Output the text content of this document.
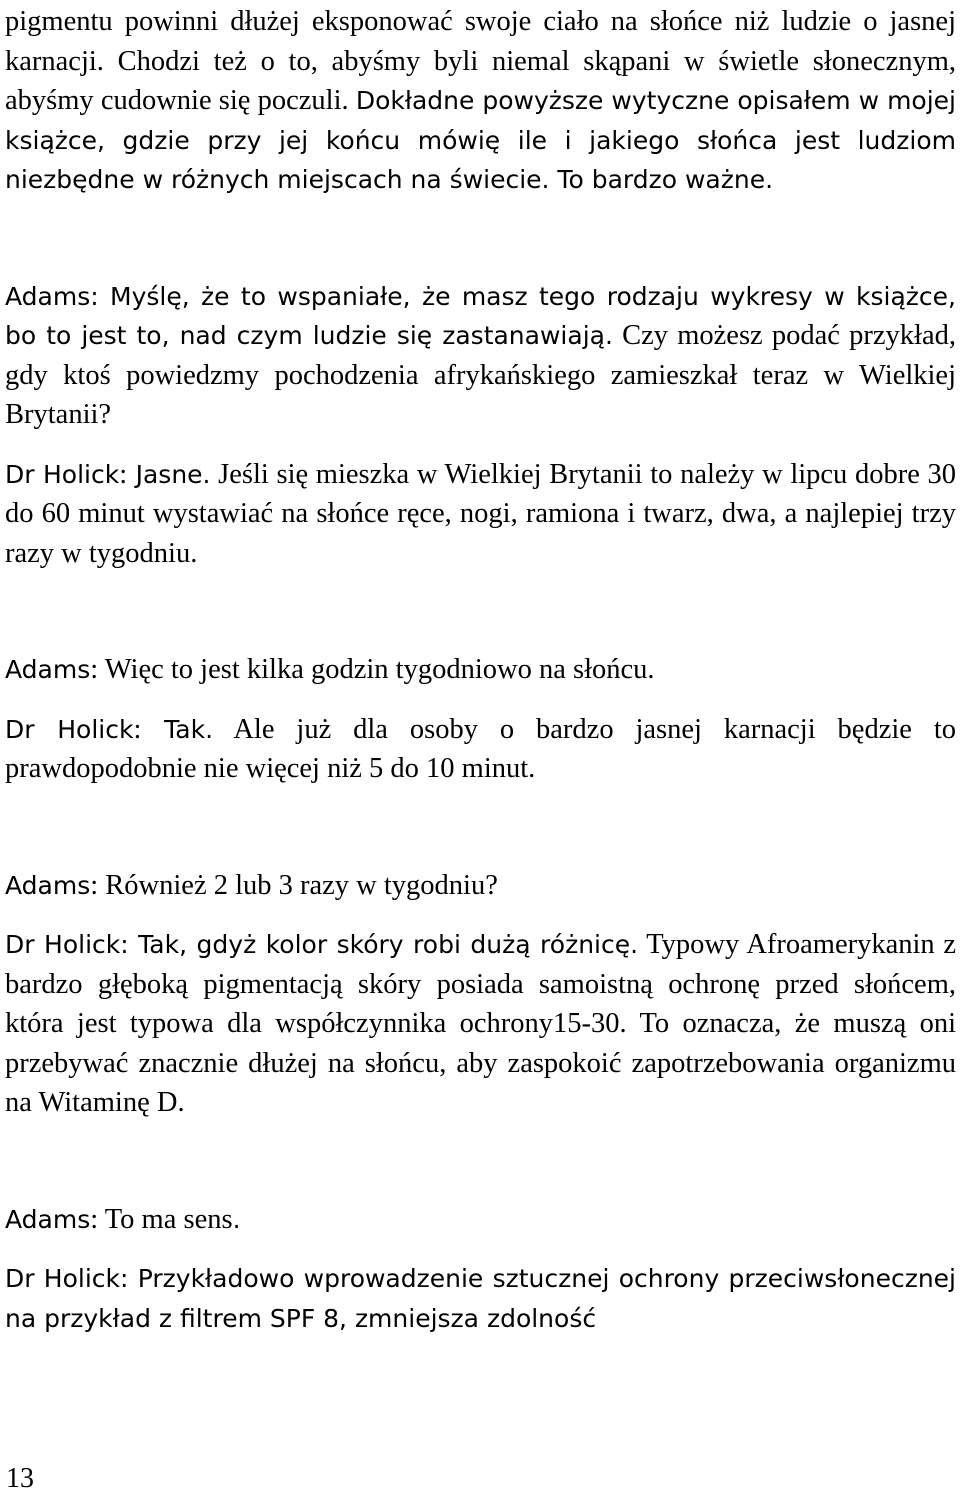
pigmentu powinni dłużej eksponować swoje ciało na słońce niż ludzie o jasnej karnacji. Chodzi też o to, abyśmy byli niemal skąpani w świetle słonecznym, abyśmy cudownie się poczuli. Dokładne powyższe wytyczne opisałem w mojej książce, gdzie przy jej końcu mówię ile i jakiego słońca jest ludziom niezbędne w różnych miejscach na świecie. To bardzo ważne.

Adams: Myślę, że to wspaniałe, że masz tego rodzaju wykresy w książce, bo to jest to, nad czym ludzie się zastanawiają. Czy możesz podać przykład, gdy ktoś powiedzmy pochodzenia afrykańskiego zamieszkał teraz w Wielkiej Brytanii?

Dr Holick: Jasne. Jeśli się mieszka w Wielkiej Brytanii to należy w lipcu dobre 30 do 60 minut wystawiać na słońce ręce, nogi, ramiona i twarz, dwa, a najlepiej trzy razy w tygodniu.

Adams: Więc to jest kilka godzin tygodniowo na słońcu.

Dr Holick: Tak. Ale już dla osoby o bardzo jasnej karnacji będzie to prawdopodobnie nie więcej niż 5 do 10 minut.

Adams: Również 2 lub 3 razy w tygodniu?

Dr Holick: Tak, gdyż kolor skóry robi dużą różnicę. Typowy Afroamerykanin z bardzo głęboką pigmentacją skóry posiada samoistną ochronę przed słońcem, która jest typowa dla współczynnika ochrony15-30. To oznacza, że muszą oni przebywać znacznie dłużej na słońcu, aby zaspokoić zapotrzebowania organizmu na Witaminę D.

Adams: To ma sens.

Dr Holick: Przykładowo wprowadzenie sztucznej ochrony przeciwsłonecznej na przykład z filtrem SPF 8, zmniejsza zdolność

13
